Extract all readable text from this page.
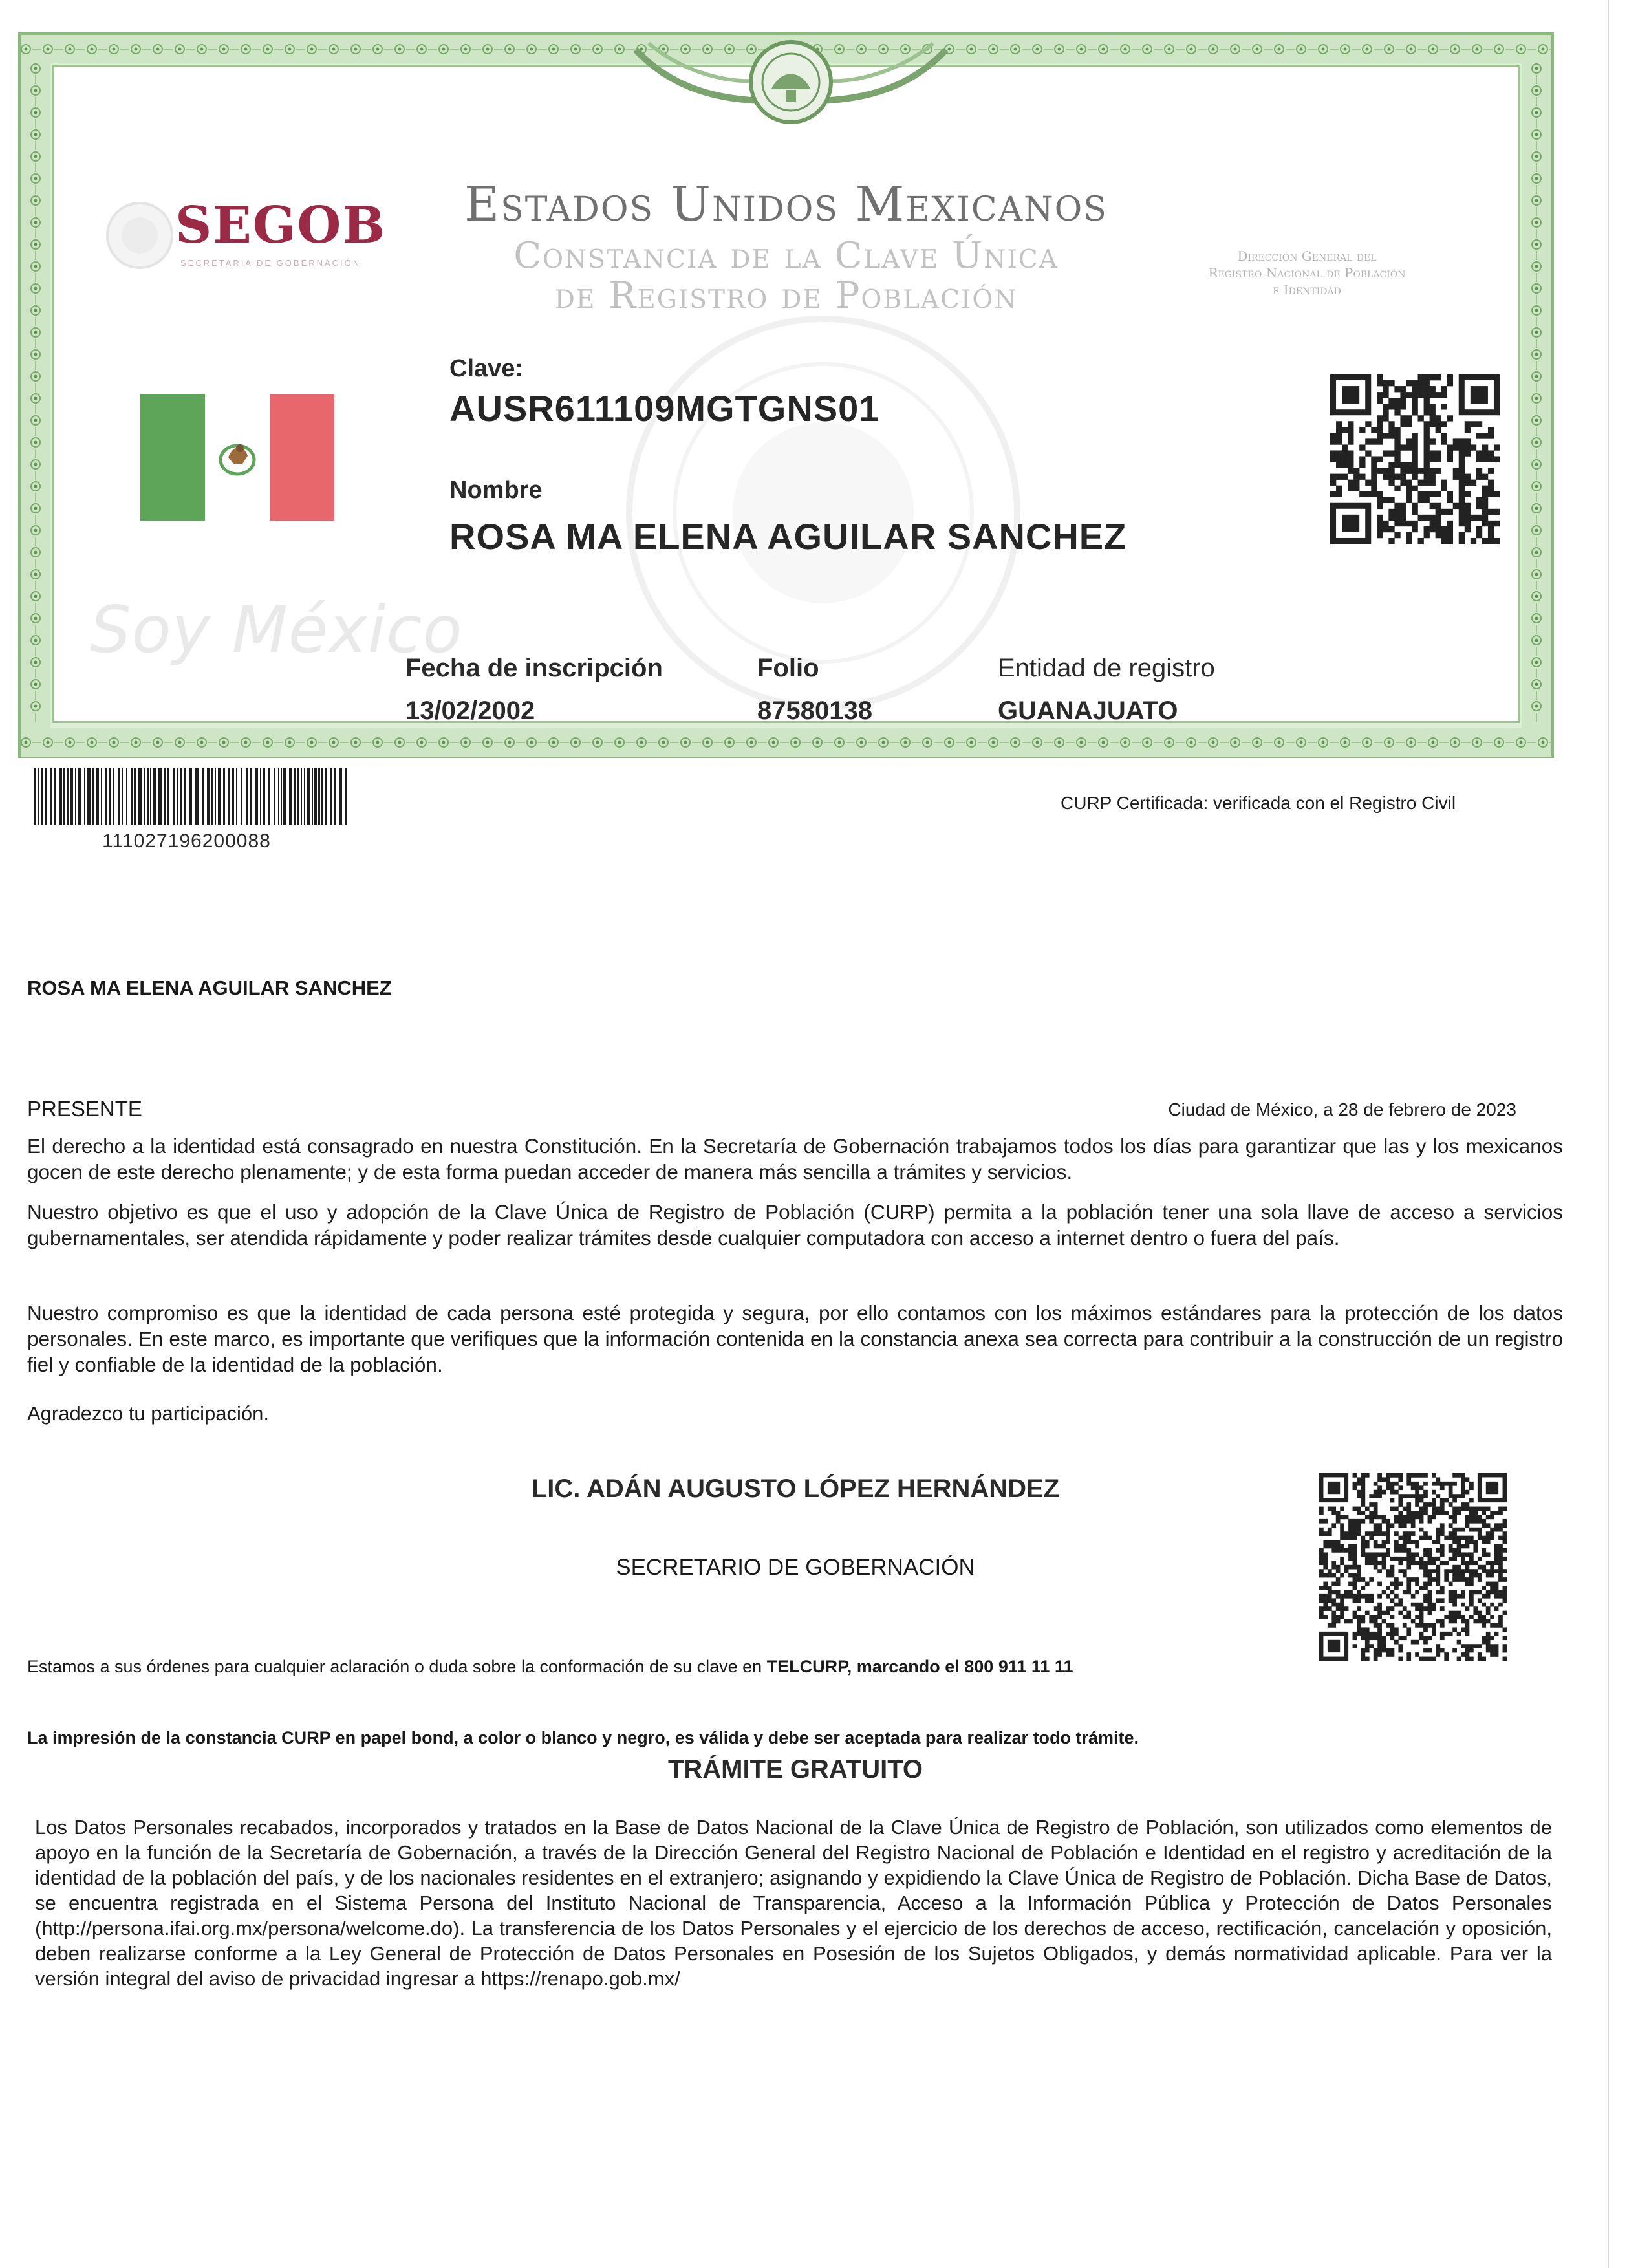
SEGOB
SECRETARÍA DE GOBERNACIÓN
Estados Unidos Mexicanos
Constancia de la Clave Única
de Registro de Población
Dirección General del
Registro Nacional de Población
e Identidad
Clave:
AUSR611109MGTGNS01
Nombre
ROSA MA ELENA AGUILAR SANCHEZ
Soy México
Fecha de inscripción
13/02/2002
Folio
87580138
Entidad de registro
GUANAJUATO
111027196200088
CURP Certificada: verificada con el Registro Civil
ROSA MA ELENA AGUILAR SANCHEZ
PRESENTE	Ciudad de México, a 28 de febrero de 2023
El derecho a la identidad está consagrado en nuestra Constitución. En la Secretaría de Gobernación trabajamos todos los días para garantizar que las y los mexicanos gocen de este derecho plenamente; y de esta forma puedan acceder de manera más sencilla a trámites y servicios.
Nuestro objetivo es que el uso y adopción de la Clave Única de Registro de Población (CURP) permita a la población tener una sola llave de acceso a servicios gubernamentales, ser atendida rápidamente y poder realizar trámites desde cualquier computadora con acceso a internet dentro o fuera del país.
Nuestro compromiso es que la identidad de cada persona esté protegida y segura, por ello contamos con los máximos estándares para la protección de los datos personales. En este marco, es importante que verifiques que la información contenida en la constancia anexa sea correcta para contribuir a la construcción de un registro fiel y confiable de la identidad de la población.
Agradezco tu participación.
LIC. ADÁN AUGUSTO LÓPEZ HERNÁNDEZ
SECRETARIO DE GOBERNACIÓN
Estamos a sus órdenes para cualquier aclaración o duda sobre la conformación de su clave en TELCURP, marcando el 800 911 11 11
La impresión de la constancia CURP en papel bond, a color o blanco y negro, es válida y debe ser aceptada para realizar todo trámite.
TRÁMITE GRATUITO
Los Datos Personales recabados, incorporados y tratados en la Base de Datos Nacional de la Clave Única de Registro de Población, son utilizados como elementos de apoyo en la función de la Secretaría de Gobernación, a través de la Dirección General del Registro Nacional de Población e Identidad en el registro y acreditación de la identidad de la población del país, y de los nacionales residentes en el extranjero; asignando y expidiendo la Clave Única de Registro de Población. Dicha Base de Datos, se encuentra registrada en el Sistema Persona del Instituto Nacional de Transparencia, Acceso a la Información Pública y Protección de Datos Personales (http://persona.ifai.org.mx/persona/welcome.do). La transferencia de los Datos Personales y el ejercicio de los derechos de acceso, rectificación, cancelación y oposición, deben realizarse conforme a la Ley General de Protección de Datos Personales en Posesión de los Sujetos Obligados, y demás normatividad aplicable. Para ver la versión integral del aviso de privacidad ingresar a https://renapo.gob.mx/
